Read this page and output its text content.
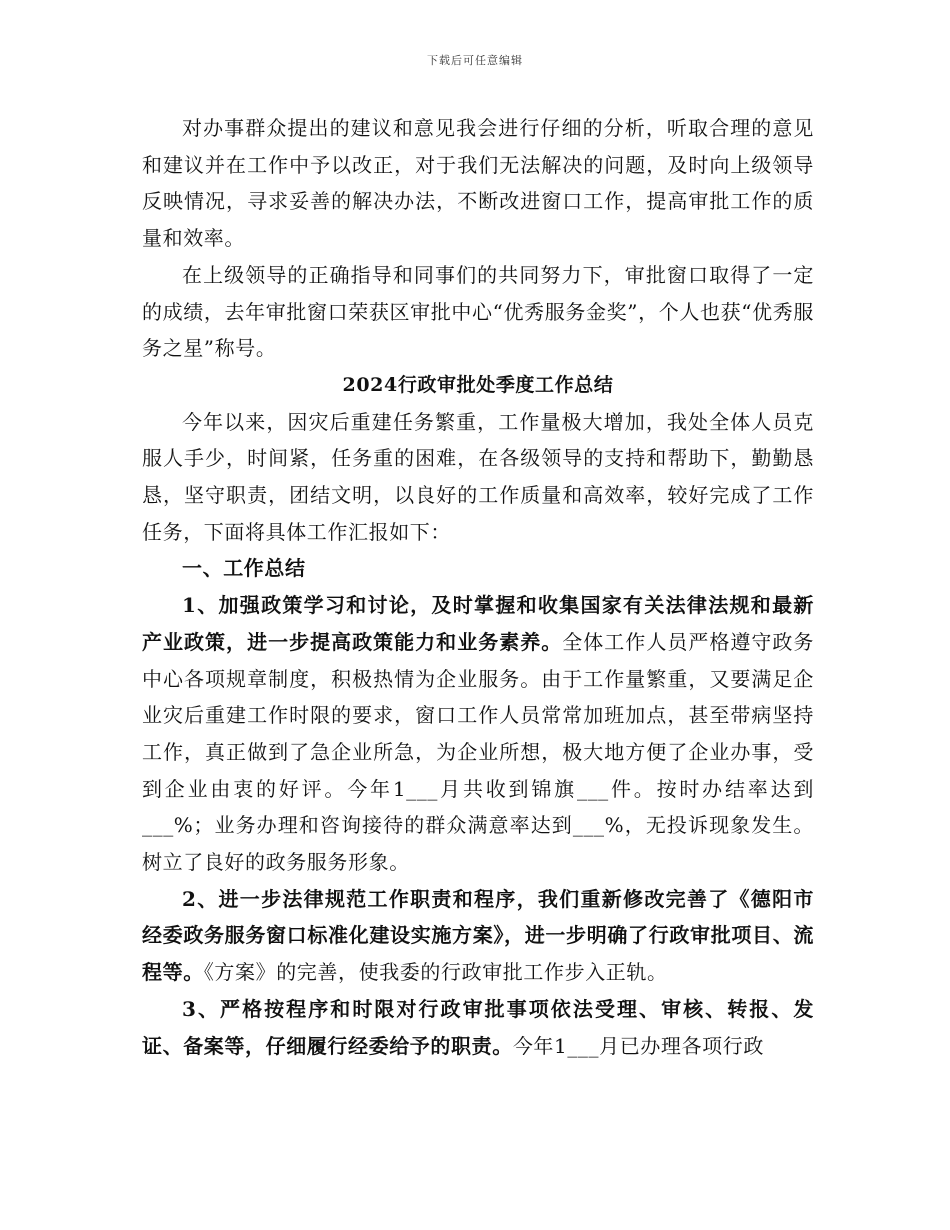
下载后可任意编辑

对办事群众提出的建议和意见我会进行仔细的分析，听取合理的意见和建议并在工作中予以改正，对于我们无法解决的问题，及时向上级领导反映情况，寻求妥善的解决办法，不断改进窗口工作，提高审批工作的质量和效率。

在上级领导的正确指导和同事们的共同努力下，审批窗口取得了一定的成绩，去年审批窗口荣获区审批中心“优秀服务金奖”，个人也获“优秀服务之星”称号。

2024行政审批处季度工作总结

今年以来，因灾后重建任务繁重，工作量极大增加，我处全体人员克服人手少，时间紧，任务重的困难，在各级领导的支持和帮助下，勤勤恳恳，坚守职责，团结文明，以良好的工作质量和高效率，较好完成了工作任务，下面将具体工作汇报如下：

一、工作总结

1、加强政策学习和讨论，及时掌握和收集国家有关法律法规和最新产业政策，进一步提高政策能力和业务素养。全体工作人员严格遵守政务中心各项规章制度，积极热情为企业服务。由于工作量繁重，又要满足企业灾后重建工作时限的要求，窗口工作人员常常加班加点，甚至带病坚持工作，真正做到了急企业所急，为企业所想，极大地方便了企业办事，受到企业由衷的好评。今年1___月共收到锦旗___件。按时办结率达到___%；业务办理和咨询接待的群众满意率达到___%，无投诉现象发生。树立了良好的政务服务形象。

2、进一步法律规范工作职责和程序，我们重新修改完善了《德阳市经委政务服务窗口标准化建设实施方案》，进一步明确了行政审批项目、流程等。《方案》的完善，使我委的行政审批工作步入正轨。

3、严格按程序和时限对行政审批事项依法受理、审核、转报、发证、备案等，仔细履行经委给予的职责。今年1___月已办理各项行政
